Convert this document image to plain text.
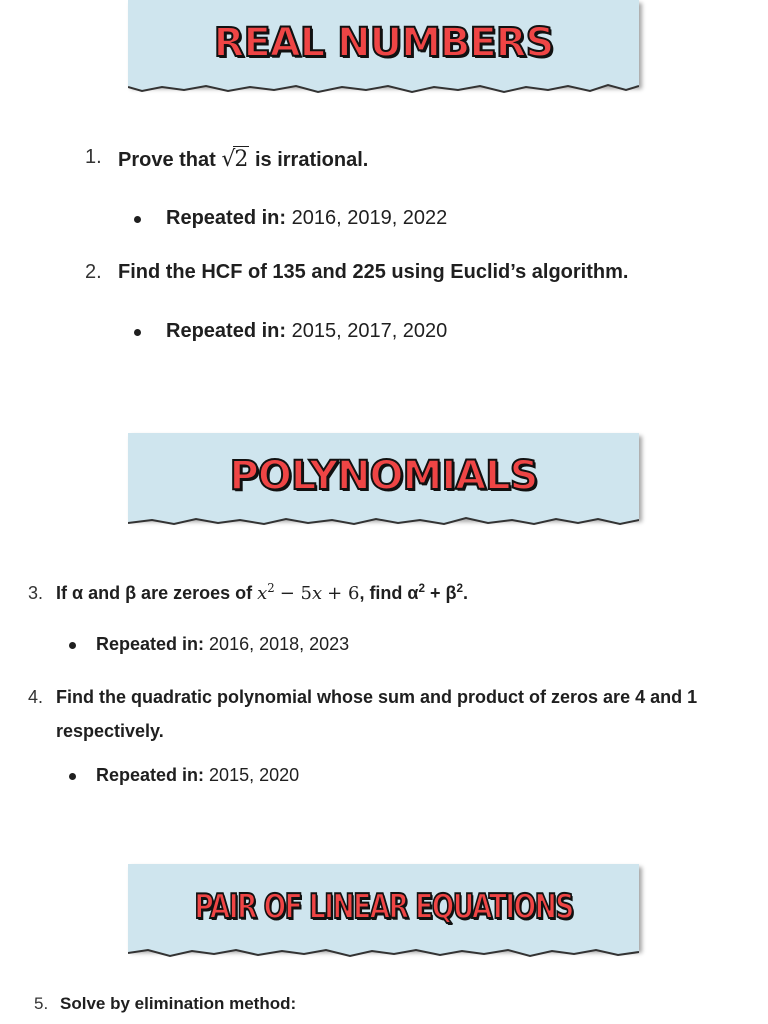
REAL NUMBERS
1. Prove that √2 is irrational.
Repeated in: 2016, 2019, 2022
2. Find the HCF of 135 and 225 using Euclid’s algorithm.
Repeated in: 2015, 2017, 2020
POLYNOMIALS
3. If α and β are zeroes of $x^2 - 5x + 6$, find $\alpha^2 + \beta^2$.
Repeated in: 2016, 2018, 2023
4. Find the quadratic polynomial whose sum and product of zeros are 4 and 1
respectively.
Repeated in: 2015, 2020
PAIR OF LINEAR EQUATIONS
5. Solve by elimination method:
